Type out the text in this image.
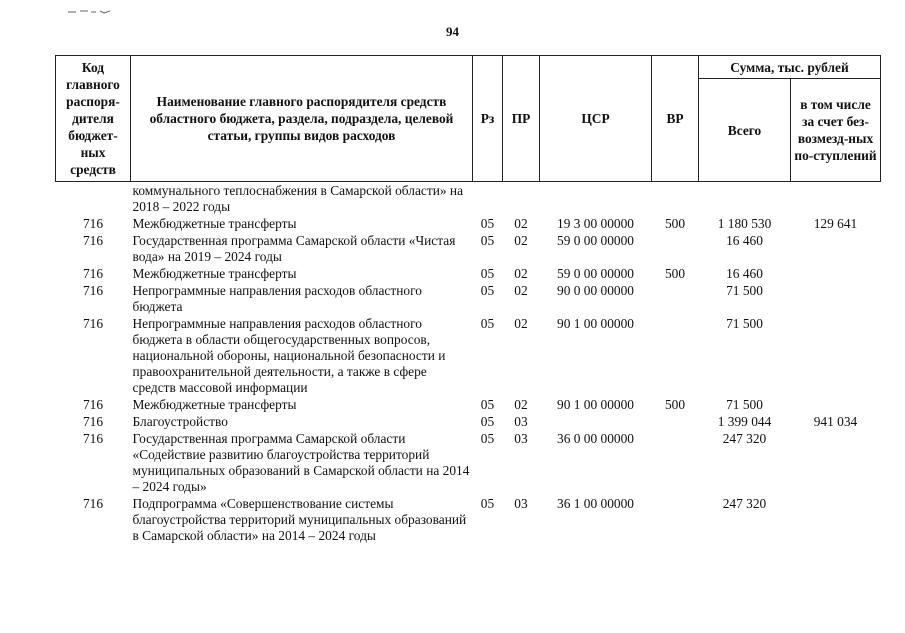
94
Код главного распоря-дителя бюджет-ных средств	Наименование главного распорядителя средств областного бюджета, раздела, подраздела, целевой статьи, группы видов расходов	Рз	ПР	ЦСР	ВР	Сумма, тыс. рублей	
						Всего	в том числе за счет без-возмезд-ных по-ступлений
	коммунального теплоснабжения в Самарской области» на 2018 – 2022 годы						
716	Межбюджетные трансферты	05	02	19 3 00 00000	500	1 180 530	129 641
716	Государственная программа Самарской области «Чистая вода» на 2019 – 2024 годы	05	02	59 0 00 00000		16 460	
716	Межбюджетные трансферты	05	02	59 0 00 00000	500	16 460	
716	Непрограммные направления расходов областного бюджета	05	02	90 0 00 00000		71 500	
716	Непрограммные направления расходов областного бюджета в области общегосударственных вопросов, национальной обороны, национальной безопасности и правоохранительной деятельности, а также в сфере средств массовой информации	05	02	90 1 00 00000		71 500	
716	Межбюджетные трансферты	05	02	90 1 00 00000	500	71 500	
716	Благоустройство	05	03			1 399 044	941 034
716	Государственная программа Самарской области «Содействие развитию благоустройства территорий муниципальных образований в Самарской области на 2014 – 2024 годы»	05	03	36 0 00 00000		247 320	
716	Подпрограмма «Совершенствование системы благоустройства территорий муниципальных образований в Самарской области» на 2014 – 2024 годы	05	03	36 1 00 00000		247 320	
